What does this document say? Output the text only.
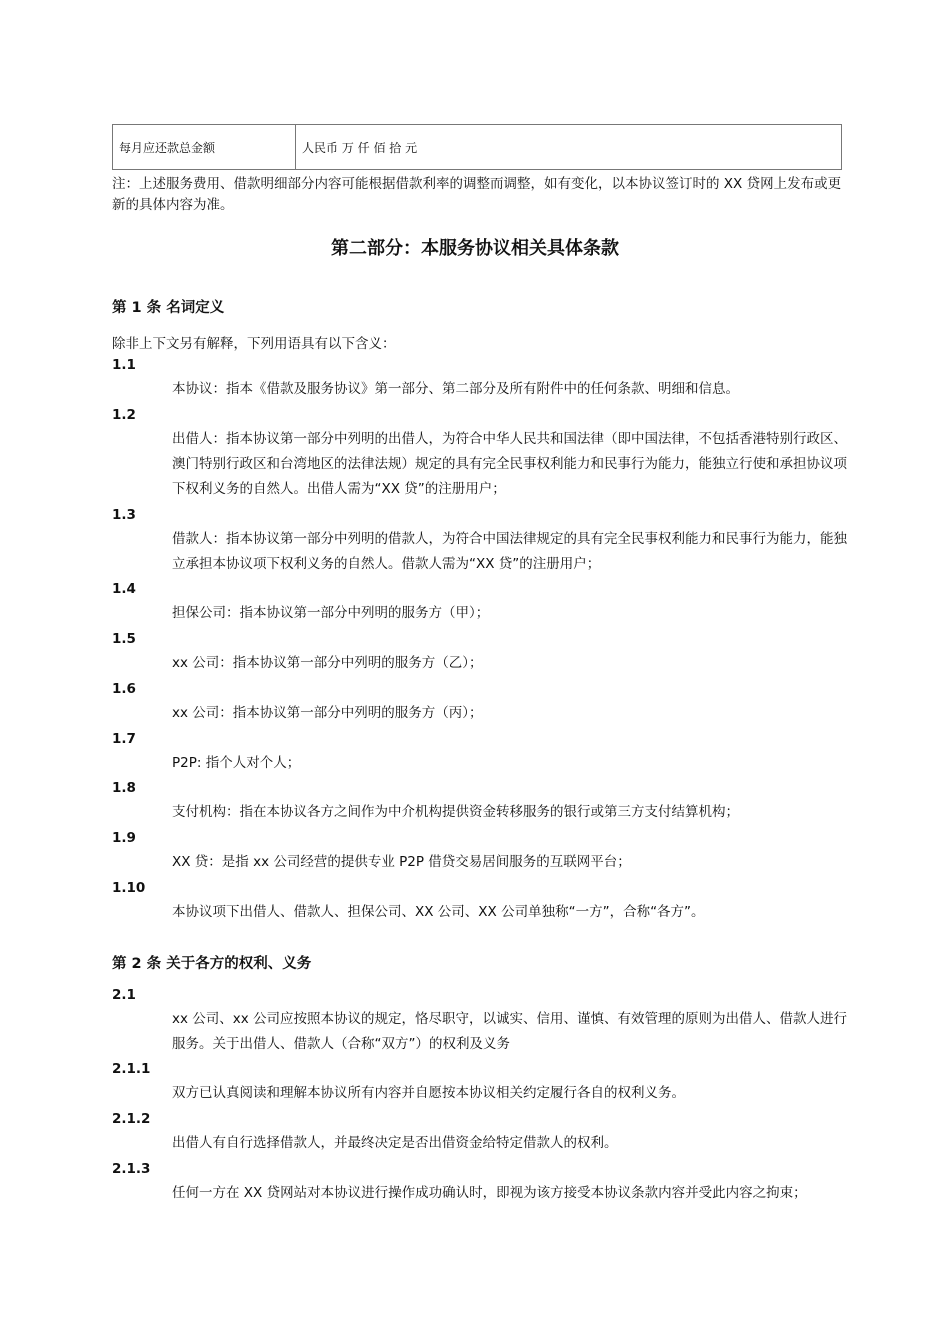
每月应还款总金额	人民币 万 仟 佰 拾 元
注：上述服务费用、借款明细部分内容可能根据借款利率的调整而调整，如有变化，以本协议签订时的 XX 贷网上发布或更新的具体内容为准。
第二部分：本服务协议相关具体条款
第 1 条 名词定义
除非上下文另有解释，下列用语具有以下含义：
1.1
本协议：指本《借款及服务协议》第一部分、第二部分及所有附件中的任何条款、明细和信息。
1.2
出借人：指本协议第一部分中列明的出借人，为符合中华人民共和国法律（即中国法律，不包括香港特别行政区、澳门特别行政区和台湾地区的法律法规）规定的具有完全民事权利能力和民事行为能力，能独立行使和承担协议项下权利义务的自然人。出借人需为“XX 贷”的注册用户；
1.3
借款人：指本协议第一部分中列明的借款人，为符合中国法律规定的具有完全民事权利能力和民事行为能力，能独立承担本协议项下权利义务的自然人。借款人需为“XX 贷”的注册用户；
1.4
担保公司：指本协议第一部分中列明的服务方（甲）；
1.5
xx 公司：指本协议第一部分中列明的服务方（乙）；
1.6
xx 公司：指本协议第一部分中列明的服务方（丙）；
1.7
P2P: 指个人对个人；
1.8
支付机构：指在本协议各方之间作为中介机构提供资金转移服务的银行或第三方支付结算机构；
1.9
XX 贷：是指 xx 公司经营的提供专业 P2P 借贷交易居间服务的互联网平台；
1.10
本协议项下出借人、借款人、担保公司、XX 公司、XX 公司单独称“一方”，合称“各方”。
第 2 条 关于各方的权利、义务
2.1
xx 公司、xx 公司应按照本协议的规定，恪尽职守，以诚实、信用、谨慎、有效管理的原则为出借人、借款人进行服务。关于出借人、借款人（合称“双方”）的权利及义务
2.1.1
双方已认真阅读和理解本协议所有内容并自愿按本协议相关约定履行各自的权利义务。
2.1.2
出借人有自行选择借款人，并最终决定是否出借资金给特定借款人的权利。
2.1.3
任何一方在 XX 贷网站对本协议进行操作成功确认时，即视为该方接受本协议条款内容并受此内容之拘束；
